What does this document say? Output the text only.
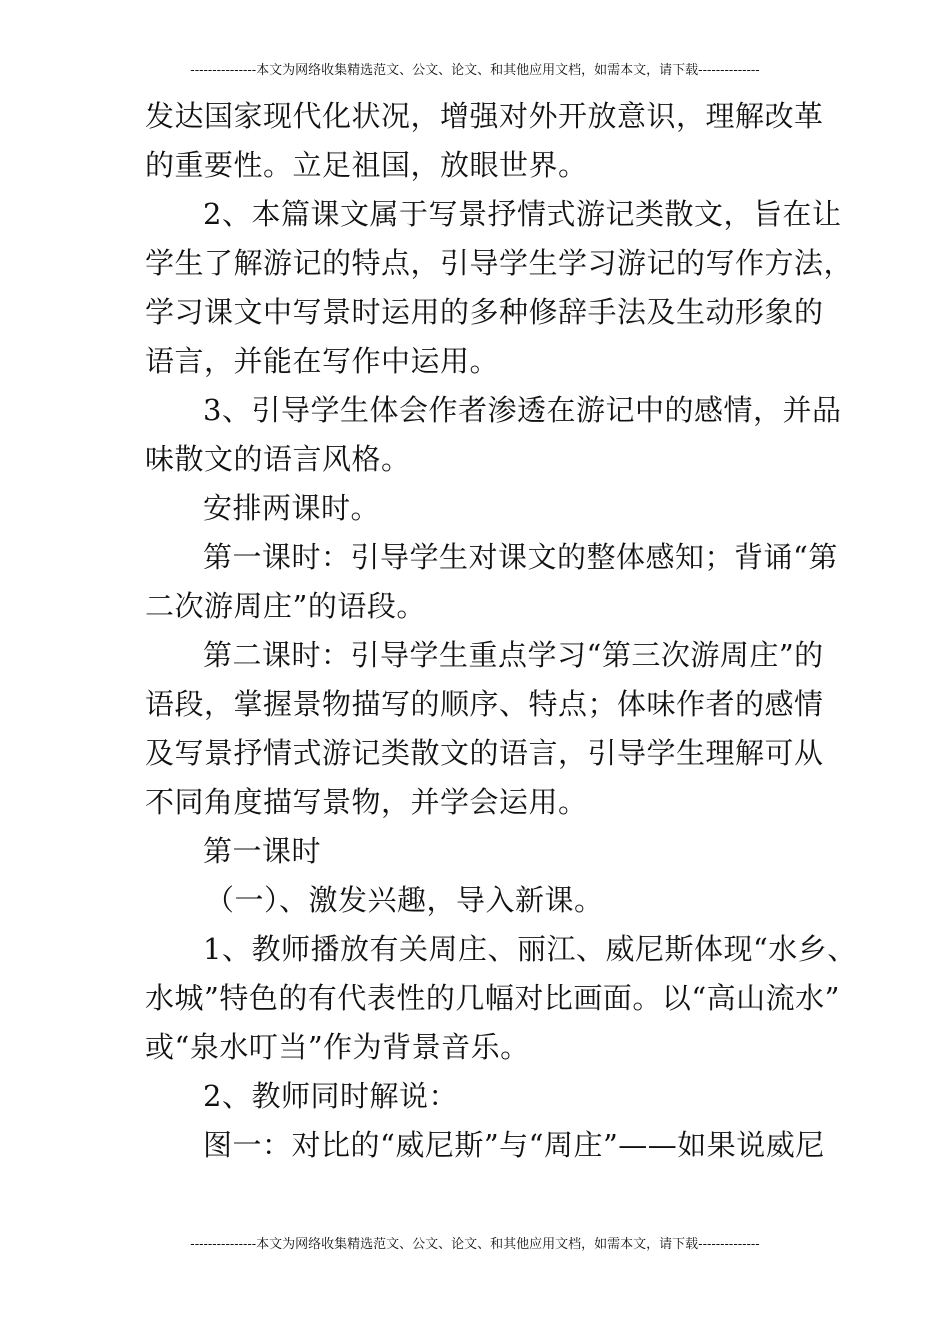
---------------本文为网络收集精选范文、公文、论文、和其他应用文档，如需本文，请下载--------------
发达国家现代化状况，增强对外开放意识，理解改革
的重要性。立足祖国，放眼世界。
2、本篇课文属于写景抒情式游记类散文，旨在让
学生了解游记的特点，引导学生学习游记的写作方法，
学习课文中写景时运用的多种修辞手法及生动形象的
语言，并能在写作中运用。
3、引导学生体会作者渗透在游记中的感情，并品
味散文的语言风格。
安排两课时。
第一课时：引导学生对课文的整体感知；背诵“第
二次游周庄”的语段。
第二课时：引导学生重点学习“第三次游周庄”的
语段，掌握景物描写的顺序、特点；体味作者的感情
及写景抒情式游记类散文的语言，引导学生理解可从
不同角度描写景物，并学会运用。
第一课时
（一）、激发兴趣，导入新课。
1、教师播放有关周庄、丽江、威尼斯体现“水乡、
水城”特色的有代表性的几幅对比画面。以“高山流水”
或“泉水叮当”作为背景音乐。
2、教师同时解说：
图一：对比的“威尼斯”与“周庄”——如果说威尼
---------------本文为网络收集精选范文、公文、论文、和其他应用文档，如需本文，请下载--------------
